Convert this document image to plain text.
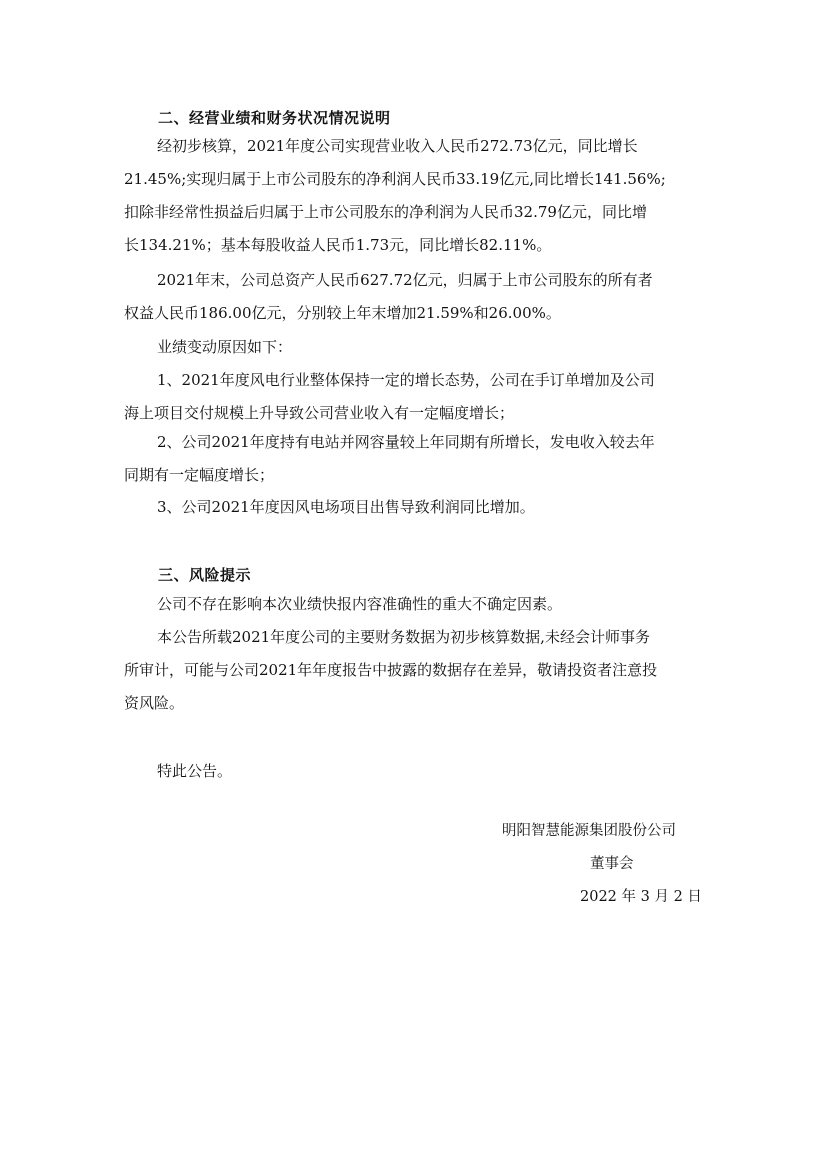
二、经营业绩和财务状况情况说明
经初步核算，2021年度公司实现营业收入人民币272.73亿元，同比增长
21.45%;实现归属于上市公司股东的净利润人民币33.19亿元,同比增长141.56%;
扣除非经常性损益后归属于上市公司股东的净利润为人民币32.79亿元，同比增
长134.21%；基本每股收益人民币1.73元，同比增长82.11%。
2021年末，公司总资产人民币627.72亿元，归属于上市公司股东的所有者
权益人民币186.00亿元，分别较上年末增加21.59%和26.00%。
业绩变动原因如下：
1、2021年度风电行业整体保持一定的增长态势，公司在手订单增加及公司
海上项目交付规模上升导致公司营业收入有一定幅度增长；
2、公司2021年度持有电站并网容量较上年同期有所增长，发电收入较去年
同期有一定幅度增长；
3、公司2021年度因风电场项目出售导致利润同比增加。
三、风险提示
公司不存在影响本次业绩快报内容准确性的重大不确定因素。
本公告所载2021年度公司的主要财务数据为初步核算数据,未经会计师事务
所审计，可能与公司2021年年度报告中披露的数据存在差异，敬请投资者注意投
资风险。
特此公告。
明阳智慧能源集团股份公司
董事会
2022 年 3 月 2 日
